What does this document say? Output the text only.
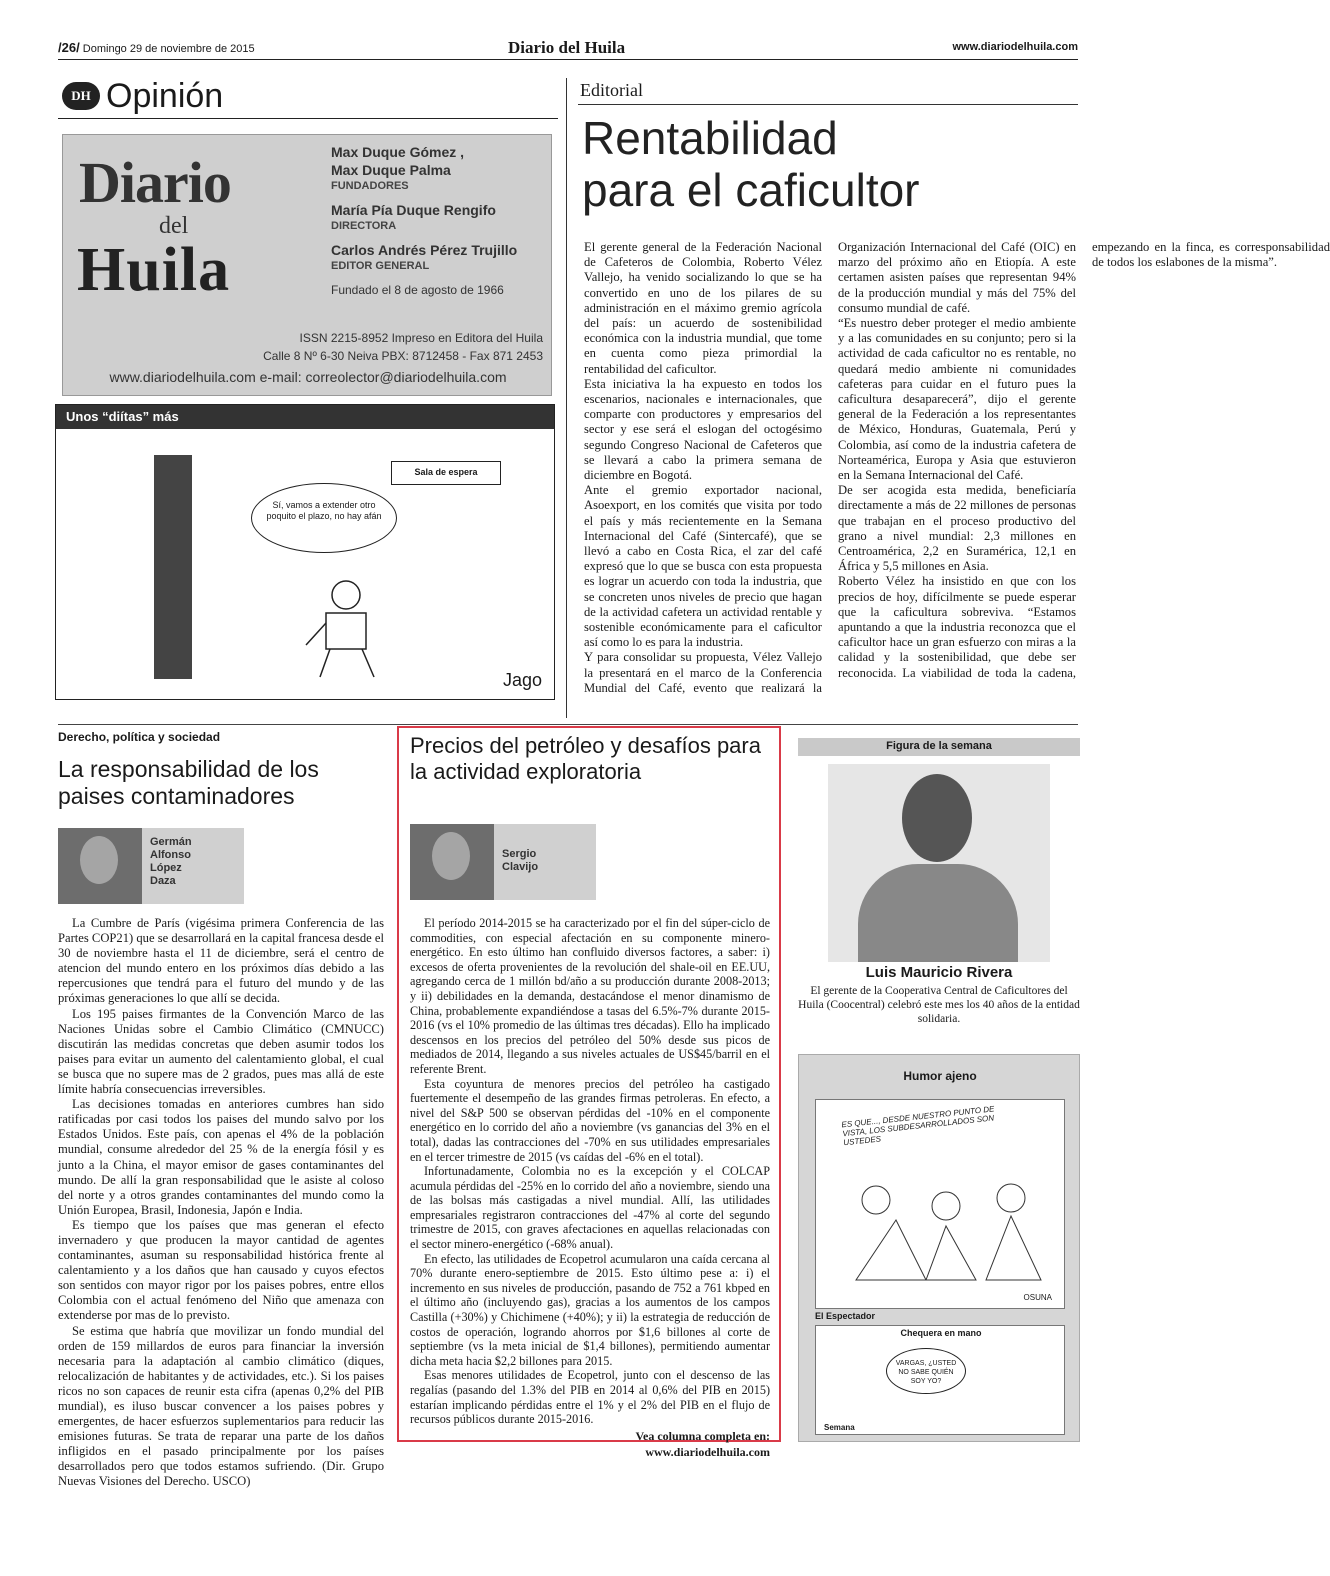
/26/ Domingo 29 de noviembre de 2015	Diario del Huila	www.diariodelhuila.com
DH Opinión
Diario
del
Huila
Max Duque Gómez ,
Max Duque Palma
FUNDADORES
María Pía Duque Rengifo
DIRECTORA
Carlos Andrés Pérez Trujillo
EDITOR GENERAL
Fundado el 8 de agosto de 1966
ISSN 2215-8952 Impreso en Editora del Huila
Calle 8 Nº 6-30 Neiva PBX: 8712458 - Fax 871 2453
www.diariodelhuila.com e-mail: correolector@diariodelhuila.com
Unos “diítas” más
Sala de espera
Sí, vamos a extender otro poquito el plazo, no hay afán
Jago
Editorial
Rentabilidad
para el caficultor

El gerente general de la Federación Nacional de Cafeteros de Colombia, Roberto Vélez Vallejo, ha venido socializando lo que se ha convertido en uno de los pilares de su administración en el máximo gremio agrícola del país: un acuerdo de sostenibilidad económica con la industria mundial, que tome en cuenta como pieza primordial la rentabilidad del caficultor.

Esta iniciativa la ha expuesto en todos los escenarios, nacionales e internacionales, que comparte con productores y empresarios del sector y ese será el eslogan del octogésimo segundo Congreso Nacional de Cafeteros que se llevará a cabo la primera semana de diciembre en Bogotá.

Ante el gremio exportador nacional, Asoexport, en los comités que visita por todo el país y más recientemente en la Semana Internacional del Café (Sintercafé), que se llevó a cabo en Costa Rica, el zar del café expresó que lo que se busca con esta propuesta es lograr un acuerdo con toda la industria, que se concreten unos niveles de precio que hagan de la actividad cafetera un actividad rentable y sostenible económicamente para el caficultor así como lo es para la industria.

Y para consolidar su propuesta, Vélez Vallejo la presentará en el marco de la Conferencia Mundial del Café, evento que realizará la Organización Internacional del Café (OIC) en marzo del próximo año en Etiopía. A este certamen asisten países que representan 94% de la producción mundial y más del 75% del consumo mundial de café.

“Es nuestro deber proteger el medio ambiente y a las comunidades en su conjunto; pero si la actividad de cada caficultor no es rentable, no quedará medio ambiente ni comunidades cafeteras para cuidar en el futuro pues la caficultura desaparecerá”, dijo el gerente general de la Federación a los representantes de México, Honduras, Guatemala, Perú y Colombia, así como de la industria cafetera de Norteamérica, Europa y Asia que estuvieron en la Semana Internacional del Café.

De ser acogida esta medida, beneficiaría directamente a más de 22 millones de personas que trabajan en el proceso productivo del grano a nivel mundial: 2,3 millones en Centroamérica, 2,2 en Suramérica, 12,1 en África y 5,5 millones en Asia.

Roberto Vélez ha insistido en que con los precios de hoy, difícilmente se puede esperar que la caficultura sobreviva. “Estamos apuntando a que la industria reconozca que el caficultor hace un gran esfuerzo con miras a la calidad y la sostenibilidad, que debe ser reconocida. La viabilidad de toda la cadena, empezando en la finca, es corresponsabilidad de todos los eslabones de la misma”.

Derecho, política y sociedad
La responsabilidad de los paises contaminadores
Germán
Alfonso
López
Daza

La Cumbre de París (vigésima primera Conferencia de las Partes COP21) que se desarrollará en la capital francesa desde el 30 de noviembre hasta el 11 de diciembre, será el centro de atencion del mundo entero en los próximos días debido a las repercusiones que tendrá para el futuro del mundo y de las próximas generaciones lo que allí se decida.

Los 195 paises firmantes de la Convención Marco de las Naciones Unidas sobre el Cambio Climático (CMNUCC) discutirán las medidas concretas que deben asumir todos los paises para evitar un aumento del calentamiento global, el cual se busca que no supere mas de 2 grados, pues mas allá de este límite habría consecuencias irreversibles.

Las decisiones tomadas en anteriores cumbres han sido ratificadas por casi todos los paises del mundo salvo por los Estados Unidos. Este país, con apenas el 4% de la población mundial, consume alrededor del 25 % de la energía fósil y es junto a la China, el mayor emisor de gases contaminantes del mundo. De allí la gran responsabilidad que le asiste al coloso del norte y a otros grandes contaminantes del mundo como la Unión Europea, Brasil, Indonesia, Japón e India.

Es tiempo que los países que mas generan el efecto invernadero y que producen la mayor cantidad de agentes contaminantes, asuman su responsabilidad histórica frente al calentamiento y a los daños que han causado y cuyos efectos son sentidos con mayor rigor por los paises pobres, entre ellos Colombia con el actual fenómeno del Niño que amenaza con extenderse por mas de lo previsto.

Se estima que habría que movilizar un fondo mundial del orden de 159 millardos de euros para financiar la inversión necesaria para la adaptación al cambio climático (diques, relocalización de habitantes y de actividades, etc.). Si los paises ricos no son capaces de reunir esta cifra (apenas 0,2% del PIB mundial), es iluso buscar convencer a los paises pobres y emergentes, de hacer esfuerzos suplementarios para reducir las emisiones futuras. Se trata de reparar una parte de los daños infligidos en el pasado principalmente por los países desarrollados pero que todos estamos sufriendo. (Dir. Grupo Nuevas Visiones del Derecho. USCO)

Precios del petróleo y desafíos para la actividad exploratoria
Sergio
Clavijo

El período 2014-2015 se ha caracterizado por el fin del súper-ciclo de commodities, con especial afectación en su componente minero-energético. En esto último han confluido diversos factores, a saber: i) excesos de oferta provenientes de la revolución del shale-oil en EE.UU, agregando cerca de 1 millón bd/año a su producción durante 2008-2013; y ii) debilidades en la demanda, destacándose el menor dinamismo de China, probablemente expandiéndose a tasas del 6.5%-7% durante 2015-2016 (vs el 10% promedio de las últimas tres décadas). Ello ha implicado descensos en los precios del petróleo del 50% desde sus picos de mediados de 2014, llegando a sus niveles actuales de US$45/barril en el referente Brent.

Esta coyuntura de menores precios del petróleo ha castigado fuertemente el desempeño de las grandes firmas petroleras. En efecto, a nivel del S&P 500 se observan pérdidas del -10% en el componente energético en lo corrido del año a noviembre (vs ganancias del 3% en el total), dadas las contracciones del -70% en sus utilidades empresariales en el tercer trimestre de 2015 (vs caídas del -6% en el total).

Infortunadamente, Colombia no es la excepción y el COLCAP acumula pérdidas del -25% en lo corrido del año a noviembre, siendo una de las bolsas más castigadas a nivel mundial. Allí, las utilidades empresariales registraron contracciones del -47% al corte del segundo trimestre de 2015, con graves afectaciones en aquellas relacionadas con el sector minero-energético (-68% anual).

En efecto, las utilidades de Ecopetrol acumularon una caída cercana al 70% durante enero-septiembre de 2015. Esto último pese a: i) el incremento en sus niveles de producción, pasando de 752 a 761 kbped en el último año (incluyendo gas), gracias a los aumentos de los campos Castilla (+30%) y Chichimene (+40%); y ii) la estrategia de reducción de costos de operación, logrando ahorros por $1,6 billones al corte de septiembre (vs la meta inicial de $1,4 billones), permitiendo aumentar dicha meta hacia $2,2 billones para 2015.

Esas menores utilidades de Ecopetrol, junto con el descenso de las regalías (pasando del 1.3% del PIB en 2014 al 0,6% del PIB en 2015) estarían implicando pérdidas entre el 1% y el 2% del PIB en el flujo de recursos públicos durante 2015-2016.

Vea columna completa en:
www.diariodelhuila.com
Figura de la semana
Luis Mauricio Rivera
El gerente de la Cooperativa Central de Caficultores del Huila (Coocentral) celebró este mes los 40 años de la entidad solidaria.
Humor ajeno
ES QUE..., DESDE NUESTRO PUNTO DE VISTA, LOS SUBDESARROLLADOS SON USTEDES
OSUNA
El Espectador
Chequera en mano
VARGAS, ¿USTED NO SABE QUIÉN SOY YO?
Semana
